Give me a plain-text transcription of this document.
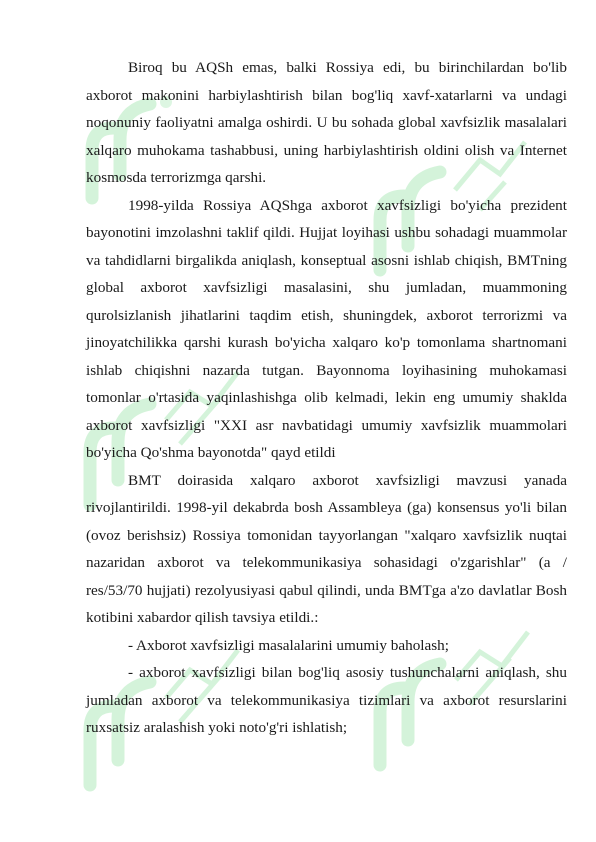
Biroq bu AQSh emas, balki Rossiya edi, bu birinchilardan bo'lib axborot makonini harbiylashtirish bilan bog'liq xavf-xatarlarni va undagi noqonuniy faoliyatni amalga oshirdi. U bu sohada global xavfsizlik masalalari xalqaro muhokama tashabbusi, uning harbiylashtirish oldini olish va Internet kosmosda terrorizmga qarshi.

1998-yilda Rossiya AQShga axborot xavfsizligi bo'yicha prezident bayonotini imzolashni taklif qildi. Hujjat loyihasi ushbu sohadagi muammolar va tahdidlarni birgalikda aniqlash, konseptual asosni ishlab chiqish, BMTning global axborot xavfsizligi masalasini, shu jumladan, muammoning qurolsizlanish jihatlarini taqdim etish, shuningdek, axborot terrorizmi va jinoyatchilikka qarshi kurash bo'yicha xalqaro ko'p tomonlama shartnomani ishlab chiqishni nazarda tutgan. Bayonnoma loyihasining muhokamasi tomonlar o'rtasida yaqinlashishga olib kelmadi, lekin eng umumiy shaklda axborot xavfsizligi "XXI asr navbatidagi umumiy xavfsizlik muammolari bo'yicha Qo'shma bayonotda" qayd etildi

BMT doirasida xalqaro axborot xavfsizligi mavzusi yanada rivojlantirildi. 1998-yil dekabrda bosh Assambleya (ga) konsensus yo'li bilan (ovoz berishsiz) Rossiya tomonidan tayyorlangan "xalqaro xavfsizlik nuqtai nazaridan axborot va telekommunikasiya sohasidagi o'zgarishlar" (a / res/53/70 hujjati) rezolyusiyasi qabul qilindi, unda BMTga a'zo davlatlar Bosh kotibini xabardor qilish tavsiya etildi.:

- Axborot xavfsizligi masalalarini umumiy baholash;

- axborot xavfsizligi bilan bog'liq asosiy tushunchalarni aniqlash, shu jumladan axborot va telekommunikasiya tizimlari va axborot resurslarini ruxsatsiz aralashish yoki noto'g'ri ishlatish;
